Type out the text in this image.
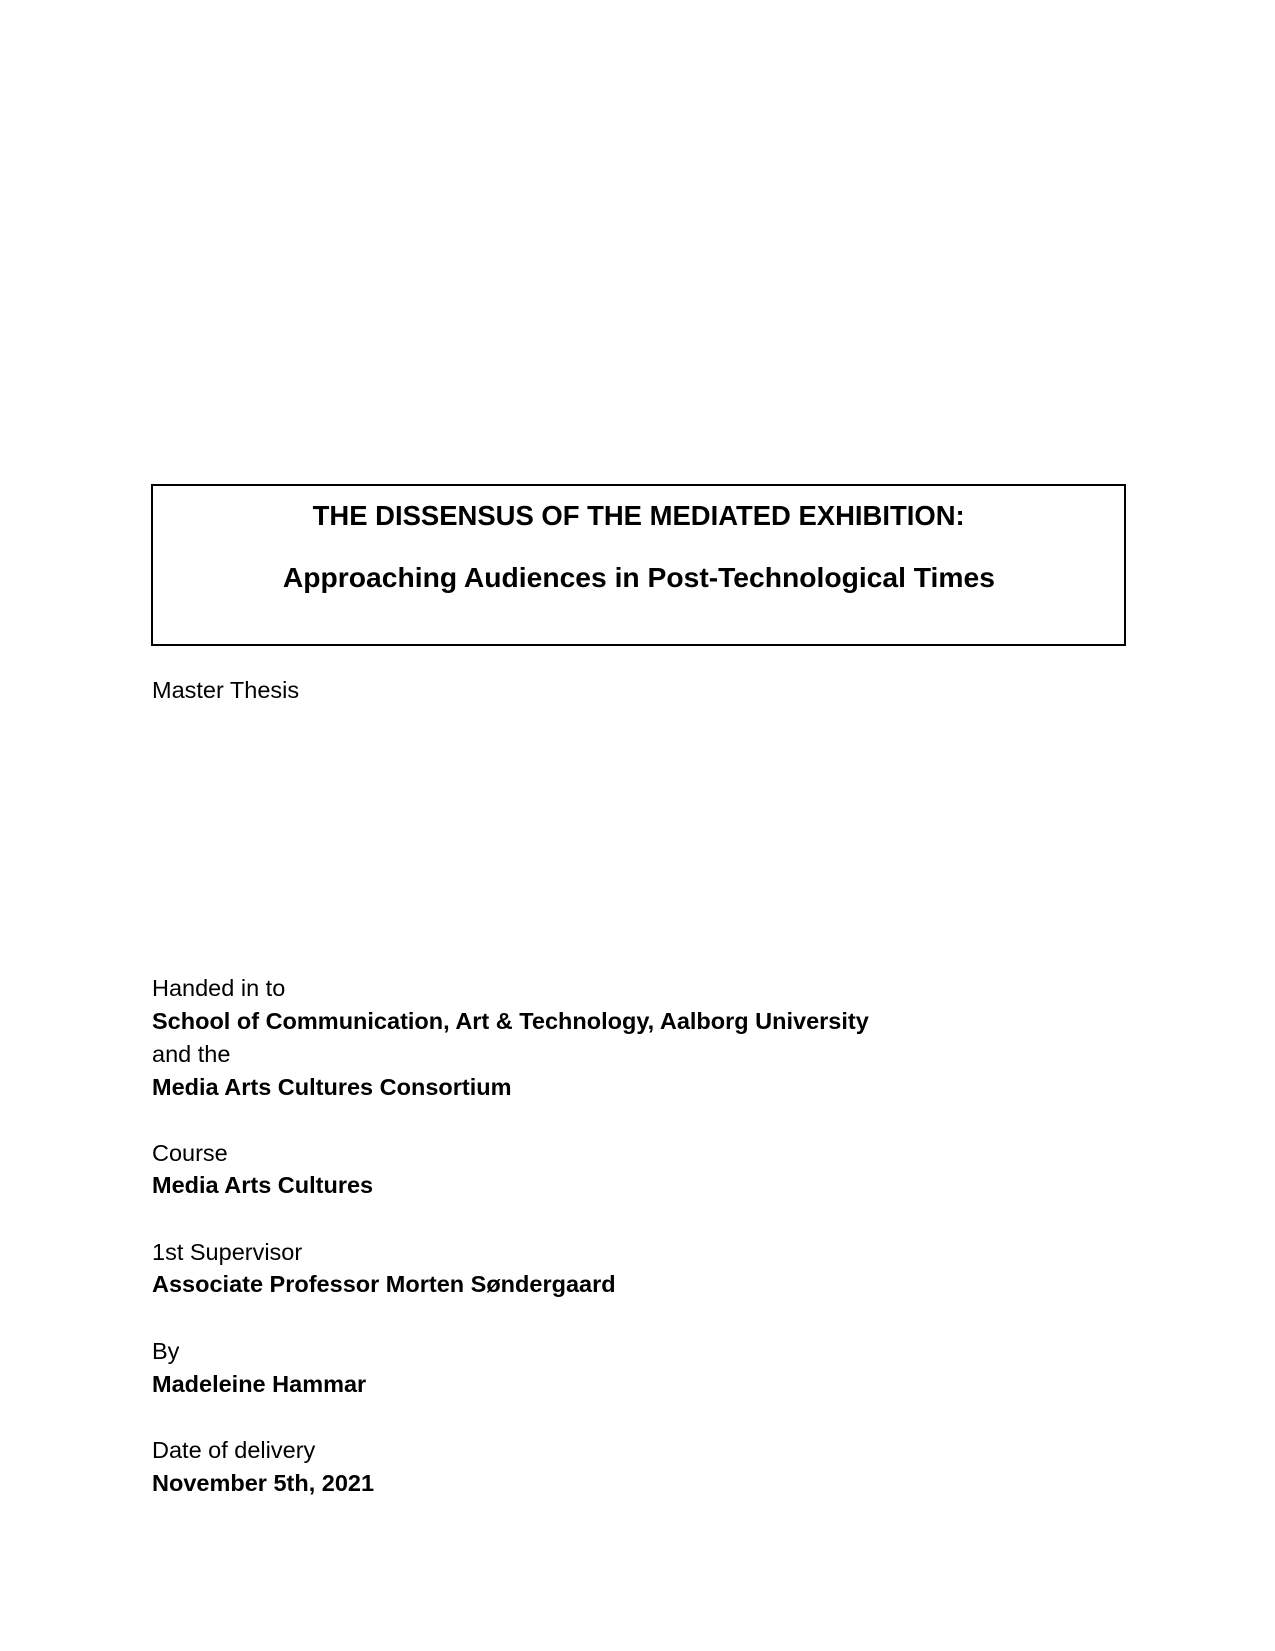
THE DISSENSUS OF THE MEDIATED EXHIBITION:
Approaching Audiences in Post-Technological Times

Master Thesis

Handed in to

School of Communication, Art & Technology, Aalborg University

and the

Media Arts Cultures Consortium

Course

Media Arts Cultures

1st Supervisor

Associate Professor Morten Søndergaard

By

Madeleine Hammar

Date of delivery

November 5th, 2021
